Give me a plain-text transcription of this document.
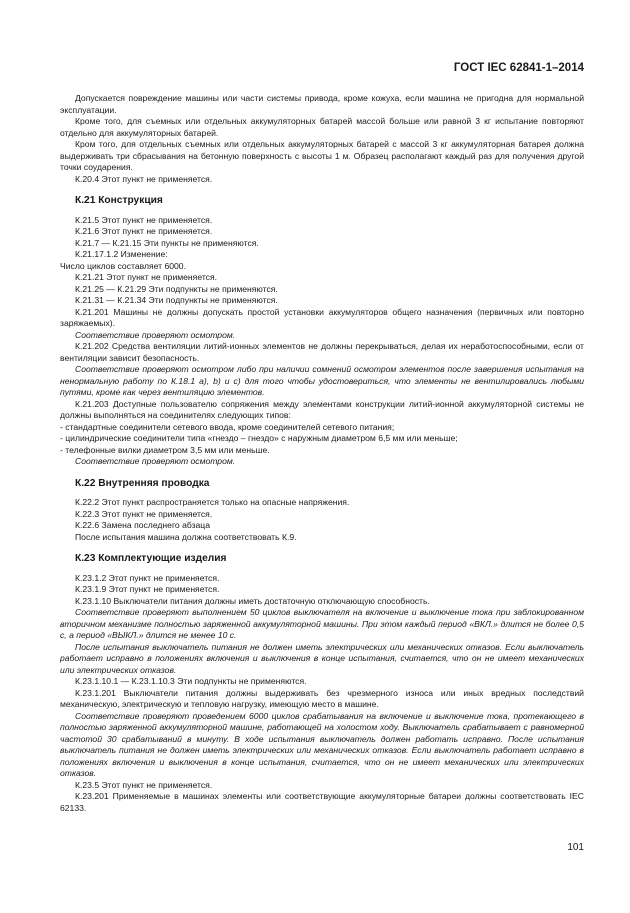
ГОСТ IEC 62841-1–2014

Допускается повреждение машины или части системы привода, кроме кожуха, если машина не пригодна для нормальной эксплуатации.

Кроме того, для съемных или отдельных аккумуляторных батарей массой больше или равной 3 кг испытание повторяют отдельно для аккумуляторных батарей.

Кром того, для отдельных съемных или отдельных аккумуляторных батарей с массой 3 кг аккумуляторная батарея должна выдерживать три сбрасывания на бетонную поверхность с высоты 1 м. Образец располагают каждый раз для получения другой точки соударения.

К.20.4 Этот пункт не применяется.

К.21 Конструкция

К.21.5 Этот пункт не применяется.

К.21.6 Этот пункт не применяется.

К.21.7 — К.21.15 Эти пункты не применяются.

К.21.17.1.2 Изменение:

Число циклов составляет 6000.

К.21.21 Этот пункт не применяется.

К.21.25 — К.21.29 Эти подпункты не применяются.

К.21.31 — К.21.34 Эти подпункты не применяются.

К.21.201 Машины не должны допускать простой установки аккумуляторов общего назначения (первичных или повторно заряжаемых).

Соответствие проверяют осмотром.

К.21.202 Средства вентиляции литий-ионных элементов не должны перекрываться, делая их неработоспособными, если от вентиляции зависит безопасность.

Соответствие проверяют осмотром либо при наличии сомнений осмотром элементов после завершения испытания на ненормальную работу по К.18.1 а), b) и с) для того чтобы удостовериться, что элементы не вентилировались любыми путями, кроме как через вентиляцию элементов.

К.21.203 Доступные пользователю сопряжения между элементами конструкции литий-ионной аккумуляторной системы не должны выполняться на соединителях следующих типов:

- стандартные соединители сетевого ввода, кроме соединителей сетевого питания;

- цилиндрические соединители типа «гнездо – гнездо» с наружным диаметром 6,5 мм или меньше;

- телефонные вилки диаметром 3,5 мм или меньше.

Соответствие проверяют осмотром.

К.22 Внутренняя проводка

К.22.2 Этот пункт распространяется только на опасные напряжения.

К.22.3 Этот пункт не применяется.

К.22.6 Замена последнего абзаца

После испытания машина должна соответствовать К.9.

К.23 Комплектующие изделия

К.23.1.2 Этот пункт не применяется.

К.23.1.9 Этот пункт не применяется.

К.23.1.10 Выключатели питания должны иметь достаточную отключающую способность.

Соответствие проверяют выполнением 50 циклов выключателя на включение и выключение тока при заблокированном вторичном механизме полностью заряженной аккумуляторной машины. При этом каждый период «ВКЛ.» длится не более 0,5 с, а период «ВЫКЛ.» длится не менее 10 с.

После испытания выключатель питания не должен иметь электрических или механических отказов. Если выключатель работает исправно в положениях включения и выключения в конце испытания, считается, что он не имеет механических или электрических отказов.

К.23.1.10.1 — К.23.1.10.3 Эти подпункты не применяются.

К.23.1.201 Выключатели питания должны выдерживать без чрезмерного износа или иных вредных последствий механическую, электрическую и тепловую нагрузку, имеющую место в машине.

Соответствие проверяют проведением 6000 циклов срабатывания на включение и выключение тока, протекающего в полностью заряженной аккумуляторной машине, работающей на холостом ходу. Выключатель срабатывает с равномерной частотой 30 срабатываний в минуту. В ходе испытания выключатель должен работать исправно. После испытания выключатель питания не должен иметь электрических или механических отказов. Если выключатель работает исправно в положениях включения и выключения в конце испытания, считается, что он не имеет механических или электрических отказов.

К.23.5 Этот пункт не применяется.

К.23.201 Применяемые в машинах элементы или соответствующие аккумуляторные батареи должны соответствовать IEC 62133.

101
